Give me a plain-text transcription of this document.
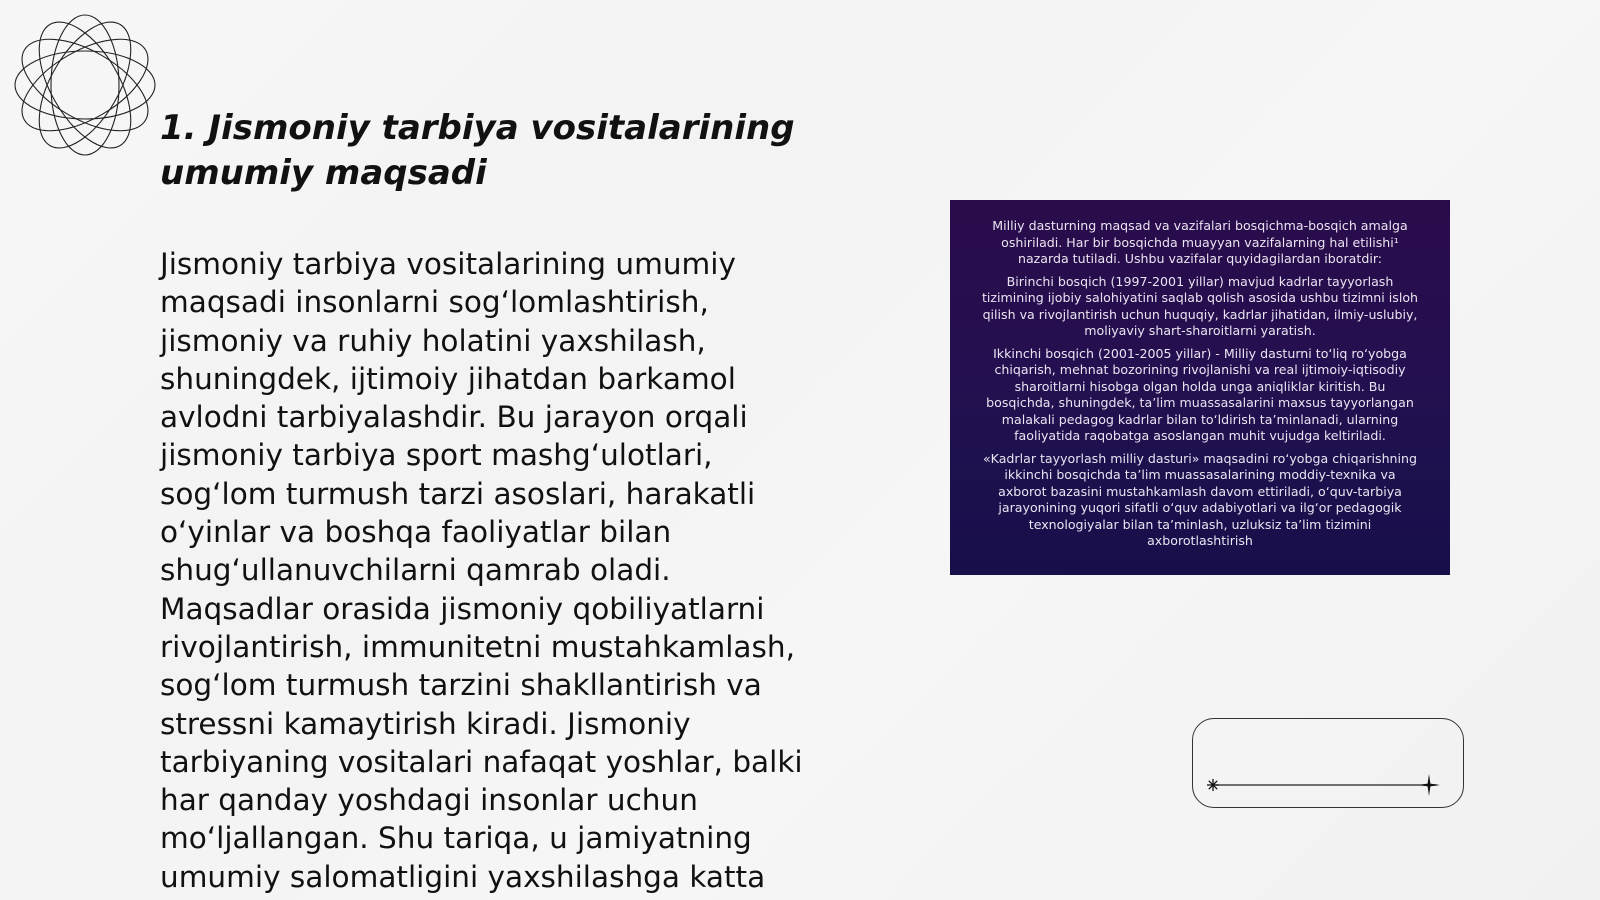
1. Jismoniy tarbiya vositalarining umumiy maqsadi

Jismoniy tarbiya vositalarining umumiy
maqsadi insonlarni sog‘lomlashtirish,
jismoniy va ruhiy holatini yaxshilash,
shuningdek, ijtimoiy jihatdan barkamol
avlodni tarbiyalashdir. Bu jarayon orqali
jismoniy tarbiya sport mashg‘ulotlari,
sog‘lom turmush tarzi asoslari, harakatli
o‘yinlar va boshqa faoliyatlar bilan
shug‘ullanuvchilarni qamrab oladi.
Maqsadlar orasida jismoniy qobiliyatlarni
rivojlantirish, immunitetni mustahkamlash,
sog‘lom turmush tarzini shakllantirish va
stressni kamaytirish kiradi. Jismoniy
tarbiyaning vositalari nafaqat yoshlar, balki
har qanday yoshdagi insonlar uchun
mo‘ljallangan. Shu tariqa, u jamiyatning
umumiy salomatligini yaxshilashga katta

Milliy dasturning maqsad va vazifalari bosqichma-bosqich amalga oshiriladi. Har bir bosqichda muayyan vazifalarning hal etilishi¹ nazarda tutiladi. Ushbu vazifalar quyidagilardan iboratdir:

Birinchi bosqich (1997-2001 yillar) mavjud kadrlar tayyorlash tizimining ijobiy salohiyatini saqlab qolish asosida ushbu tizimni isloh qilish va rivojlantirish uchun huquqiy, kadrlar jihatidan, ilmiy-uslubiy, moliyaviy shart-sharoitlarni yaratish.

Ikkinchi bosqich (2001-2005 yillar) - Milliy dasturni to‘liq ro‘yobga chiqarish, mehnat bozorining rivojlanishi va real ijtimoiy-iqtisodiy sharoitlarni hisobga olgan holda unga aniqliklar kiritish. Bu bosqichda, shuningdek, ta’lim muassasalarini maxsus tayyorlangan malakali pedagog kadrlar bilan to‘ldirish ta’minlanadi, ularning faoliyatida raqobatga asoslangan muhit vujudga keltiriladi.

«Kadrlar tayyorlash milliy dasturi» maqsadini ro‘yobga chiqarishning ikkinchi bosqichda ta’lim muassasalarining moddiy-texnika va axborot bazasini mustahkamlash davom ettiriladi, o‘quv-tarbiya jarayonining yuqori sifatli o‘quv adabiyotlari va ilg‘or pedagogik texnologiyalar bilan ta’minlash, uzluksiz ta’lim tizimini axborotlashtirish
